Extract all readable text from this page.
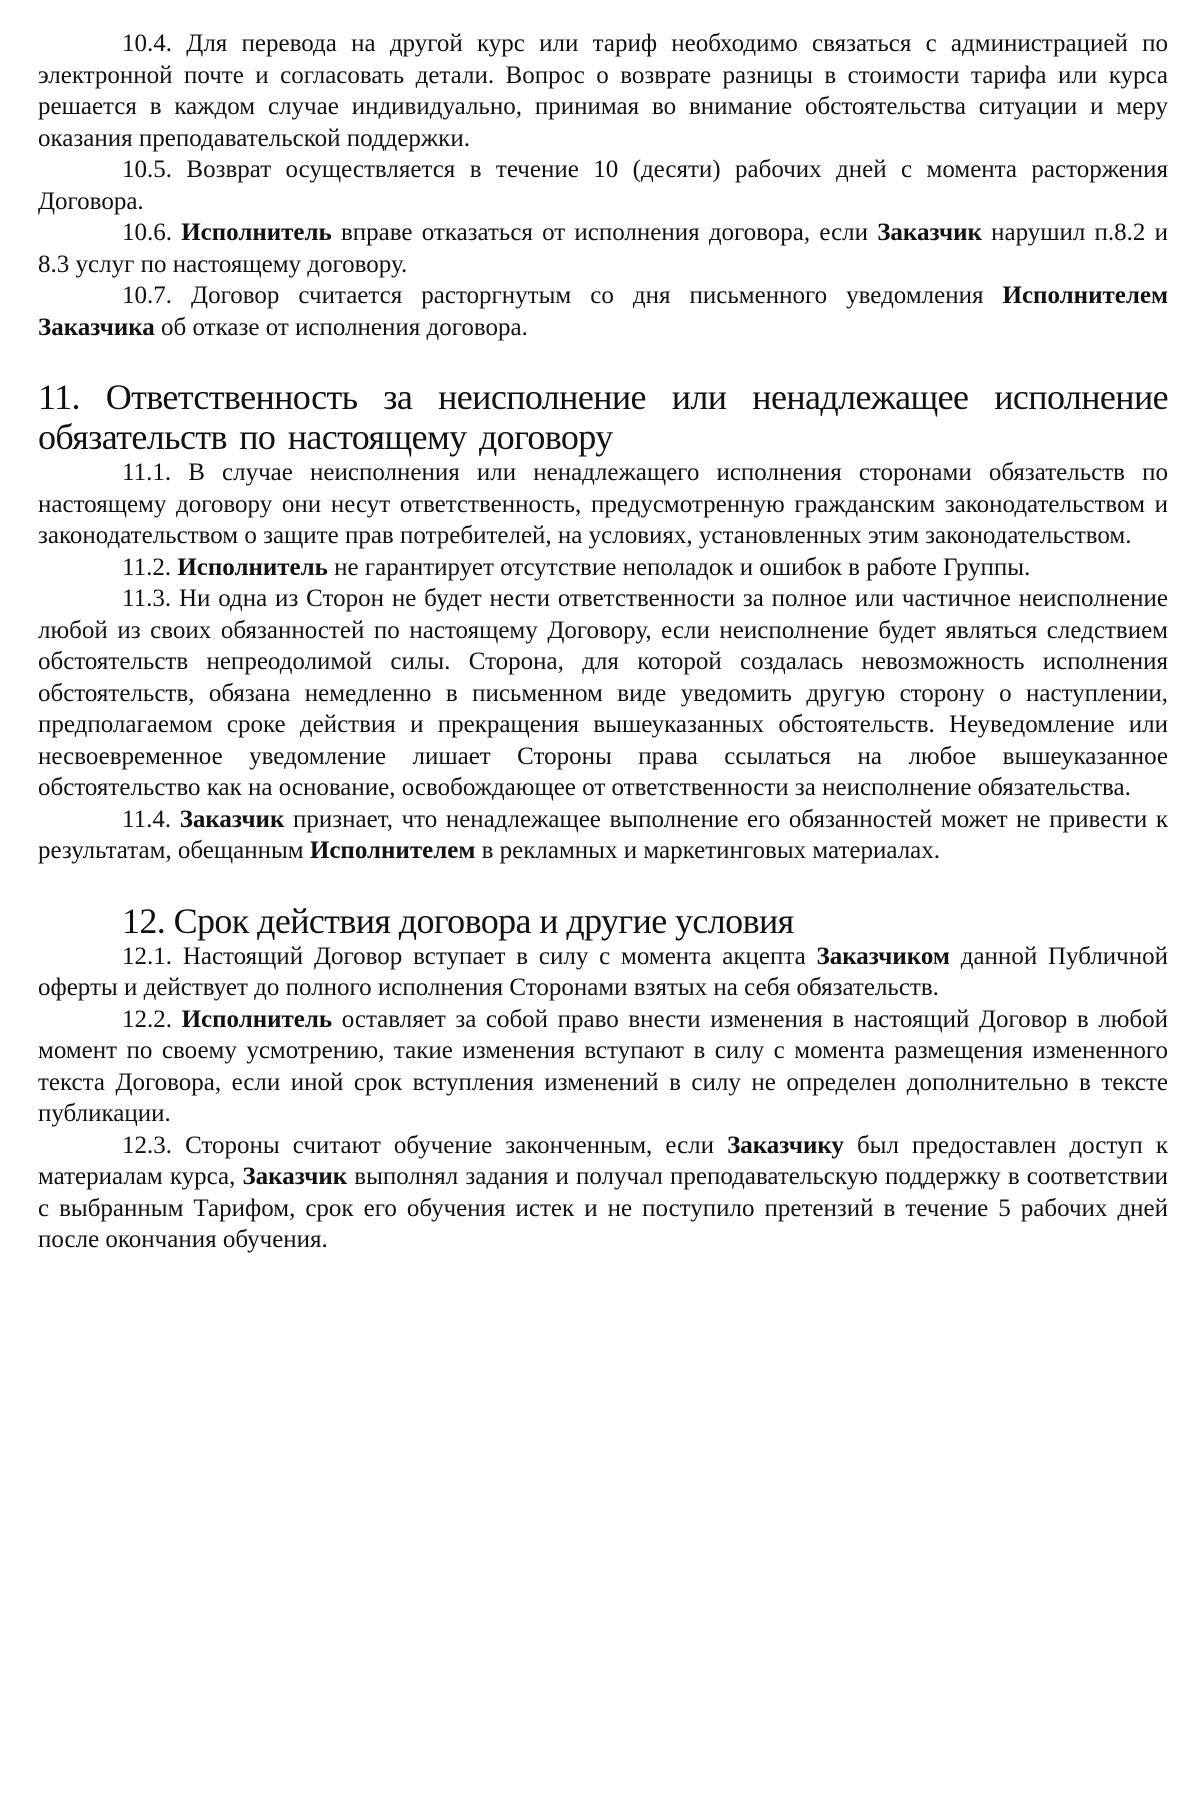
10.4. Для перевода на другой курс или тариф необходимо связаться с администрацией по электронной почте и согласовать детали. Вопрос о возврате разницы в стоимости тарифа или курса решается в каждом случае индивидуально, принимая во внимание обстоятельства ситуации и меру оказания преподавательской поддержки.

10.5. Возврат осуществляется в течение 10 (десяти) рабочих дней с момента расторжения Договора.

10.6. Исполнитель вправе отказаться от исполнения договора, если Заказчик нарушил п.8.2 и 8.3 услуг по настоящему договору.

10.7. Договор считается расторгнутым со дня письменного уведомления Исполнителем Заказчика об отказе от исполнения договора.

11. Ответственность за неисполнение или ненадлежащее исполнение обязательств по настоящему договору

11.1. В случае неисполнения или ненадлежащего исполнения сторонами обязательств по настоящему договору они несут ответственность, предусмотренную гражданским законодательством и законодательством о защите прав потребителей, на условиях, установленных этим законодательством.

11.2. Исполнитель не гарантирует отсутствие неполадок и ошибок в работе Группы.

11.3. Ни одна из Сторон не будет нести ответственности за полное или частичное неисполнение любой из своих обязанностей по настоящему Договору, если неисполнение будет являться следствием обстоятельств непреодолимой силы. Сторона, для которой создалась невозможность исполнения обстоятельств, обязана немедленно в письменном виде уведомить другую сторону о наступлении, предполагаемом сроке действия и прекращения вышеуказанных обстоятельств. Неуведомление или несвоевременное уведомление лишает Стороны права ссылаться на любое вышеуказанное обстоятельство как на основание, освобождающее от ответственности за неисполнение обязательства.

11.4. Заказчик признает, что ненадлежащее выполнение его обязанностей может не привести к результатам, обещанным Исполнителем в рекламных и маркетинговых материалах.

12. Срок действия договора и другие условия

12.1. Настоящий Договор вступает в силу с момента акцепта Заказчиком данной Публичной оферты и действует до полного исполнения Сторонами взятых на себя обязательств.

12.2. Исполнитель оставляет за собой право внести изменения в настоящий Договор в любой момент по своему усмотрению, такие изменения вступают в силу с момента размещения измененного текста Договора, если иной срок вступления изменений в силу не определен дополнительно в тексте публикации.

12.3. Стороны считают обучение законченным, если Заказчику был предоставлен доступ к материалам курса, Заказчик выполнял задания и получал преподавательскую поддержку в соответствии с выбранным Тарифом, срок его обучения истек и не поступило претензий в течение 5 рабочих дней после окончания обучения.
